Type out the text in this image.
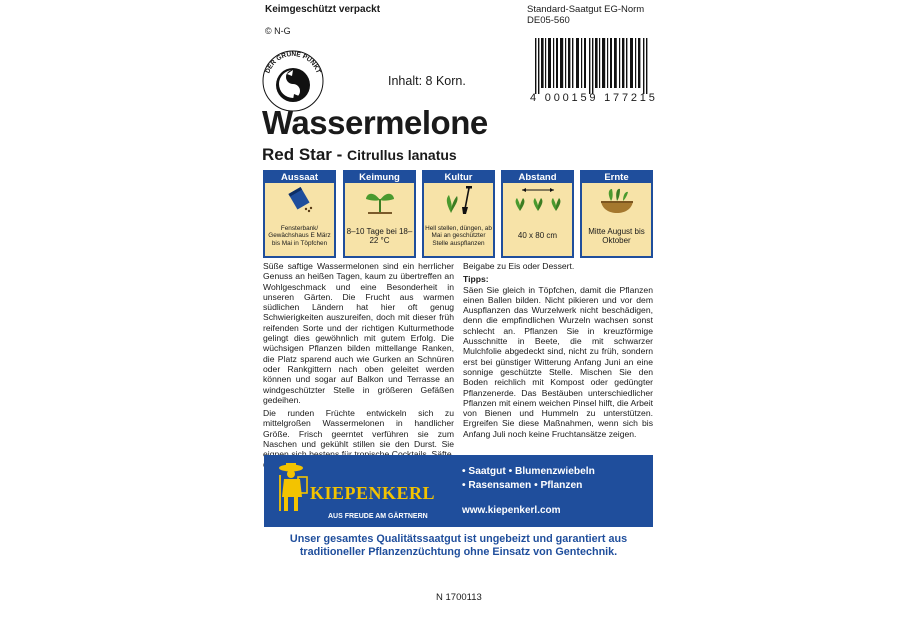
Keimgeschützt verpackt
© N-G
Standard-Saatgut EG-Norm
DE05-560
DER GRÜNE PUNKT
Inhalt: 8 Korn.
4 000159 177215
Wassermelone
Red Star - Citrullus lanatus
Aussaat
Fensterbank/ Gewächshaus E März bis Mai in Töpfchen
Keimung
8–10 Tage bei 18–22 °C
Kultur
Hell stellen, düngen, ab Mai an geschützter Stelle auspflanzen
Abstand
40 x 80 cm
Ernte
Mitte August bis Oktober

Süße saftige Wassermelonen sind ein herrlicher Genuss an heißen Tagen, kaum zu übertreffen an Wohlgeschmack und eine Besonderheit in unseren Gärten. Die Frucht aus warmen südlichen Ländern hat hier oft genug Schwierigkeiten auszureifen, doch mit dieser früh reifenden Sorte und der richtigen Kulturmethode gelingt dies gewöhnlich mit gutem Erfolg. Die wüchsigen Pflanzen bilden mittellange Ranken, die Platz sparend auch wie Gurken an Schnüren oder Rankgittern nach oben geleitet werden können und sogar auf Balkon und Terrasse an windgeschützter Stelle in größeren Gefäßen gedeihen.

Die runden Früchte entwickeln sich zu mittelgroßen Wassermelonen in handlicher Größe. Frisch geerntet verführen sie zum Naschen und gekühlt stillen sie den Durst. Sie

Beigabe zu Eis oder Dessert.

Tipps:

Säen Sie gleich in Töpfchen, damit die Pflanzen einen Ballen bilden. Nicht pikieren und vor dem Auspflanzen das Wurzelwerk nicht beschädigen, denn die empfindlichen Wurzeln wachsen sonst schlecht an. Pflanzen Sie in kreuzförmige Ausschnitte in Beete, die mit schwarzer Mulchfolie abgedeckt sind, nicht zu früh, sondern erst bei günstiger Witterung Anfang Juni an eine sonnige geschützte Stelle. Mischen Sie den Boden reichlich mit Kompost oder gedüngter Pflanzenerde. Das Bestäuben unterschiedlicher Pflanzen mit einem weichen Pinsel hilft, die Arbeit von Bienen und Hummeln zu unterstützen. Ergreifen Sie diese Maßnahmen, wenn sich bis Anfang Juli noch keine Fruchtansätze zeigen.

KIEPENKERL
AUS FREUDE AM GÄRTNERN
• Saatgut • Blumenzwiebeln
• Rasensamen • Pflanzen
www.kiepenkerl.com
Unser gesamtes Qualitätssaatgut ist ungebeizt und garantiert aus
traditioneller Pflanzenzüchtung ohne Einsatz von Gentechnik.
N 1700113
